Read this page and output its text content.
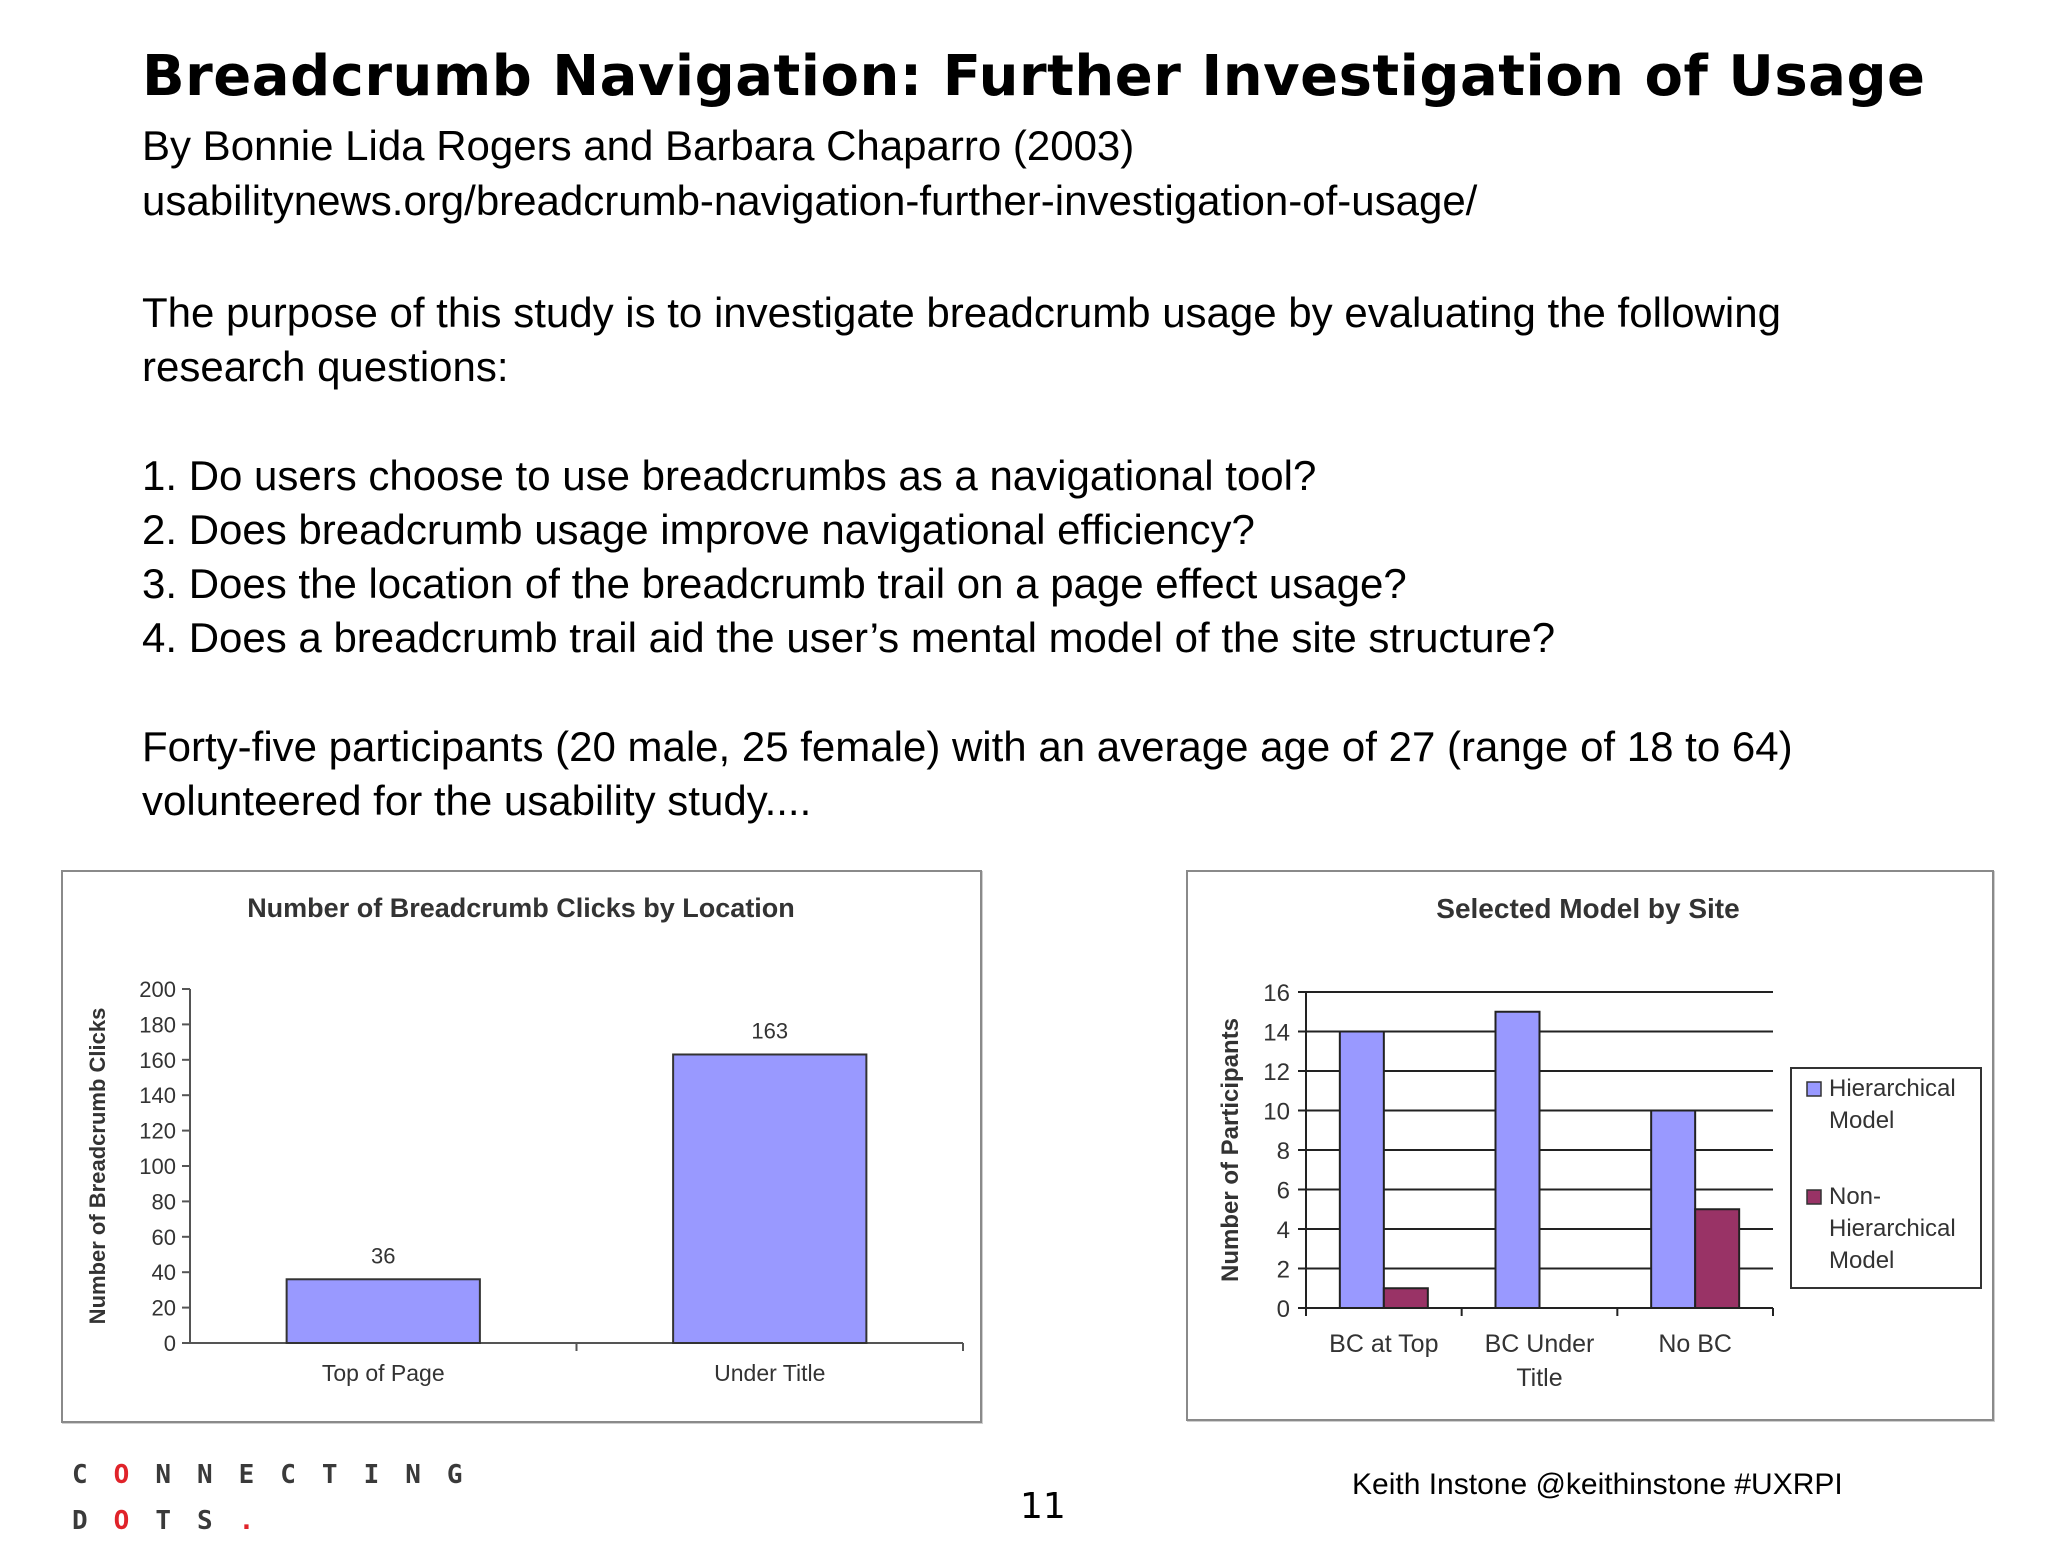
Breadcrumb Navigation: Further Investigation of Usage
By Bonnie Lida Rogers and Barbara Chaparro (2003)
usabilitynews.org/breadcrumb-navigation-further-investigation-of-usage/
The purpose of this study is to investigate breadcrumb usage by evaluating the following research questions:
1. Do users choose to use breadcrumbs as a navigational tool?
2. Does breadcrumb usage improve navigational efficiency?
3. Does the location of the breadcrumb trail on a page effect usage?
4. Does a breadcrumb trail aid the user’s mental model of the site structure?
Forty-five participants (20 male, 25 female) with an average age of 27 (range of 18 to 64) volunteered for the usability study....
Number of Breadcrumb Clicks by Location
0
20
40
60
80
100
120
140
160
180
200
36
Top of Page
163
Under Title
Number of Breadcrumb Clicks
Selected Model by Site
0
2
4
6
8
10
12
14
16
BC at Top BC Under
Title
No BC
Number of Participants	Hierarchical
Model
Non-
Hierarchical
Model
CONNECTING
DOTS.	11
Keith Instone @keithinstone #UXRPI
